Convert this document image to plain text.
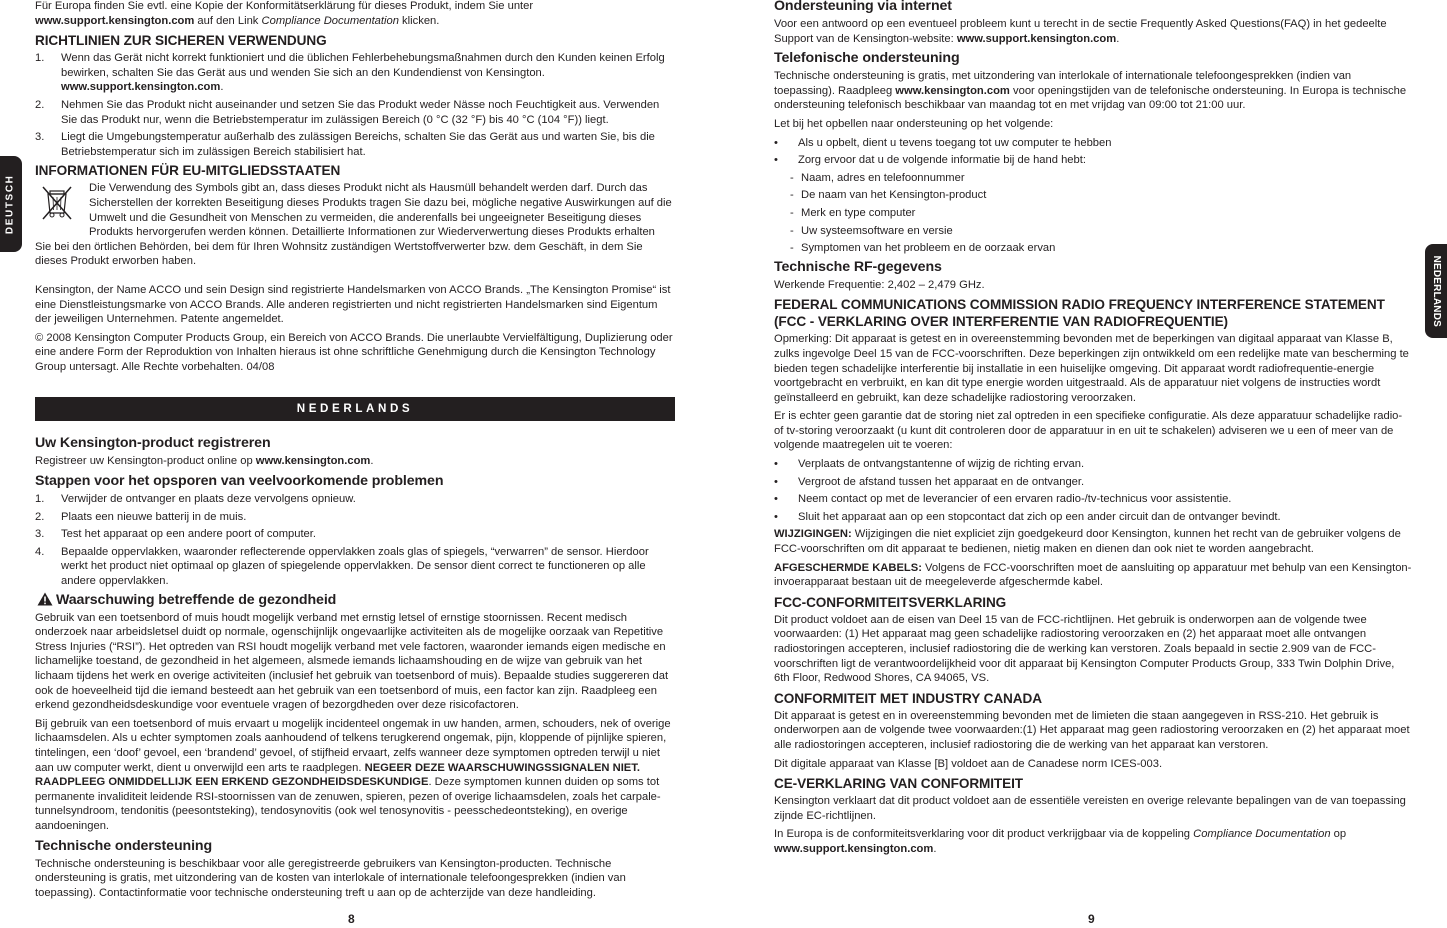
DEUTSCH
NEDERLANDS

Für Europa finden Sie evtl. eine Kopie der Konformitätserklärung für dieses Produkt, indem Sie unter
www.support.kensington.com auf den Link Compliance Documentation klicken.

RICHTLINIEN ZUR SICHEREN VERWENDUNG
1. Wenn das Gerät nicht korrekt funktioniert und die üblichen Fehlerbehebungsmaßnahmen durch den Kunden keinen Erfolg bewirken, schalten Sie das Gerät aus und wenden Sie sich an den Kundendienst von Kensington.
www.support.kensington.com.
2. Nehmen Sie das Produkt nicht auseinander und setzen Sie das Produkt weder Nässe noch Feuchtigkeit aus. Verwenden Sie das Produkt nur, wenn die Betriebstemperatur im zulässigen Bereich (0 °C (32 °F) bis 40 °C (104 °F)) liegt.
3. Liegt die Umgebungstemperatur außerhalb des zulässigen Bereichs, schalten Sie das Gerät aus und warten Sie, bis die Betriebstemperatur sich im zulässigen Bereich stabilisiert hat.
INFORMATIONEN FÜR EU-MITGLIEDSSTAATEN

Die Verwendung des Symbols gibt an, dass dieses Produkt nicht als Hausmüll behandelt werden darf. Durch das Sicherstellen der korrekten Beseitigung dieses Produkts tragen Sie dazu bei, mögliche negative Auswirkungen auf die Umwelt und die Gesundheit von Menschen zu vermeiden, die anderenfalls bei ungeeigneter Beseitigung dieses Produkts hervorgerufen werden können. Detaillierte Informationen zur Wiederverwertung dieses Produkts erhalten

Sie bei den örtlichen Behörden, bei dem für Ihren Wohnsitz zuständigen Wertstoffverwerter bzw. dem Geschäft, in dem Sie dieses Produkt erworben haben.

Kensington, der Name ACCO und sein Design sind registrierte Handelsmarken von ACCO Brands. „The Kensington Promise“ ist eine Dienstleistungsmarke von ACCO Brands. Alle anderen registrierten und nicht registrierten Handelsmarken sind Eigentum der jeweiligen Unternehmen. Patente angemeldet.

© 2008 Kensington Computer Products Group, ein Bereich von ACCO Brands. Die unerlaubte Vervielfältigung, Duplizierung oder eine andere Form der Reproduktion von Inhalten hieraus ist ohne schriftliche Genehmigung durch die Kensington Technology Group untersagt. Alle Rechte vorbehalten. 04/08

NEDERLANDS
Uw Kensington-product registreren

Registreer uw Kensington-product online op www.kensington.com.

Stappen voor het opsporen van veelvoorkomende problemen
1. Verwijder de ontvanger en plaats deze vervolgens opnieuw.
2. Plaats een nieuwe batterij in de muis.
3. Test het apparaat op een andere poort of computer.
4. Bepaalde oppervlakken, waaronder reflecterende oppervlakken zoals glas of spiegels, “verwarren” de sensor. Hierdoor werkt het product niet optimaal op glazen of spiegelende oppervlakken. De sensor dient correct te functioneren op alle andere oppervlakken.
Waarschuwing betreffende de gezondheid

Gebruik van een toetsenbord of muis houdt mogelijk verband met ernstig letsel of ernstige stoornissen. Recent medisch onderzoek naar arbeidsletsel duidt op normale, ogenschijnlijk ongevaarlijke activiteiten als de mogelijke oorzaak van Repetitive Stress Injuries (“RSI”). Het optreden van RSI houdt mogelijk verband met vele factoren, waaronder iemands eigen medische en lichamelijke toestand, de gezondheid in het algemeen, alsmede iemands lichaamshouding en de wijze van gebruik van het lichaam tijdens het werk en overige activiteiten (inclusief het gebruik van toetsenbord of muis). Bepaalde studies suggereren dat ook de hoeveelheid tijd die iemand besteedt aan het gebruik van een toetsenbord of muis, een factor kan zijn. Raadpleeg een erkend gezondheidsdeskundige voor eventuele vragen of bezorgdheden over deze risicofactoren.

Bij gebruik van een toetsenbord of muis ervaart u mogelijk incidenteel ongemak in uw handen, armen, schouders, nek of overige lichaamsdelen. Als u echter symptomen zoals aanhoudend of telkens terugkerend ongemak, pijn, kloppende of pijnlijke spieren, tintelingen, een ‘doof’ gevoel, een ‘brandend’ gevoel, of stijfheid ervaart, zelfs wanneer deze symptomen optreden terwijl u niet aan uw computer werkt, dient u onverwijld een arts te raadplegen. NEGEER DEZE WAARSCHUWINGSSIGNALEN NIET. RAADPLEEG ONMIDDELLIJK EEN ERKEND GEZONDHEIDSDESKUNDIGE. Deze symptomen kunnen duiden op soms tot permanente invaliditeit leidende RSI-stoornissen van de zenuwen, spieren, pezen of overige lichaamsdelen, zoals het carpale-tunnelsyndroom, tendonitis (peesontsteking), tendosynovitis (ook wel tenosynovitis - peesschedeontsteking), en overige aandoeningen.

Technische ondersteuning

Technische ondersteuning is beschikbaar voor alle geregistreerde gebruikers van Kensington-producten. Technische ondersteuning is gratis, met uitzondering van de kosten van interlokale of internationale telefoongesprekken (indien van toepassing). Contactinformatie voor technische ondersteuning treft u aan op de achterzijde van deze handleiding.

Ondersteuning via internet

Voor een antwoord op een eventueel probleem kunt u terecht in de sectie Frequently Asked Questions(FAQ) in het gedeelte Support van de Kensington-website: www.support.kensington.com.

Telefonische ondersteuning

Technische ondersteuning is gratis, met uitzondering van interlokale of internationale telefoongesprekken (indien van toepassing). Raadpleeg www.kensington.com voor openingstijden van de telefonische ondersteuning. In Europa is technische ondersteuning telefonisch beschikbaar van maandag tot en met vrijdag van 09:00 tot 21:00 uur.

Let bij het opbellen naar ondersteuning op het volgende:

• Als u opbelt, dient u tevens toegang tot uw computer te hebben
• Zorg ervoor dat u de volgende informatie bij de hand hebt:
- Naam, adres en telefoonnummer
- De naam van het Kensington-product
- Merk en type computer
- Uw systeemsoftware en versie
- Symptomen van het probleem en de oorzaak ervan
Technische RF-gegevens

Werkende Frequentie: 2,402 – 2,479 GHz.

FEDERAL COMMUNICATIONS COMMISSION RADIO FREQUENCY INTERFERENCE STATEMENT
(FCC - VERKLARING OVER INTERFERENTIE VAN RADIOFREQUENTIE)

Opmerking: Dit apparaat is getest en in overeenstemming bevonden met de beperkingen van digitaal apparaat van Klasse B, zulks ingevolge Deel 15 van de FCC-voorschriften. Deze beperkingen zijn ontwikkeld om een redelijke mate van bescherming te bieden tegen schadelijke interferentie bij installatie in een huiselijke omgeving. Dit apparaat wordt radiofrequentie-energie voortgebracht en verbruikt, en kan dit type energie worden uitgestraald. Als de apparatuur niet volgens de instructies wordt geïnstalleerd en gebruikt, kan deze schadelijke radiostoring veroorzaken.

Er is echter geen garantie dat de storing niet zal optreden in een specifieke configuratie. Als deze apparatuur schadelijke radio- of tv-storing veroorzaakt (u kunt dit controleren door de apparatuur in en uit te schakelen) adviseren we u een of meer van de volgende maatregelen uit te voeren:

• Verplaats de ontvangstantenne of wijzig de richting ervan.
• Vergroot de afstand tussen het apparaat en de ontvanger.
• Neem contact op met de leverancier of een ervaren radio-/tv-technicus voor assistentie.
• Sluit het apparaat aan op een stopcontact dat zich op een ander circuit dan de ontvanger bevindt.

WIJZIGINGEN: Wijzigingen die niet expliciet zijn goedgekeurd door Kensington, kunnen het recht van de gebruiker volgens de FCC-voorschriften om dit apparaat te bedienen, nietig maken en dienen dan ook niet te worden aangebracht.

AFGESCHERMDE KABELS: Volgens de FCC-voorschriften moet de aansluiting op apparatuur met behulp van een Kensington-invoerapparaat bestaan uit de meegeleverde afgeschermde kabel.

FCC-CONFORMITEITSVERKLARING

Dit product voldoet aan de eisen van Deel 15 van de FCC-richtlijnen. Het gebruik is onderworpen aan de volgende twee voorwaarden: (1) Het apparaat mag geen schadelijke radiostoring veroorzaken en (2) het apparaat moet alle ontvangen radiostoringen accepteren, inclusief radiostoring die de werking kan verstoren. Zoals bepaald in sectie 2.909 van de FCC-voorschriften ligt de verantwoordelijkheid voor dit apparaat bij Kensington Computer Products Group, 333 Twin Dolphin Drive, 6th Floor, Redwood Shores, CA 94065, VS.

CONFORMITEIT MET INDUSTRY CANADA

Dit apparaat is getest en in overeenstemming bevonden met de limieten die staan aangegeven in RSS-210. Het gebruik is onderworpen aan de volgende twee voorwaarden:(1) Het apparaat mag geen radiostoring veroorzaken en (2) het apparaat moet alle radiostoringen accepteren, inclusief radiostoring die de werking van het apparaat kan verstoren.

Dit digitale apparaat van Klasse [B] voldoet aan de Canadese norm ICES-003.

CE-VERKLARING VAN CONFORMITEIT

Kensington verklaart dat dit product voldoet aan de essentiële vereisten en overige relevante bepalingen van de van toepassing zijnde EC-richtlijnen.

In Europa is de conformiteitsverklaring voor dit product verkrijgbaar via de koppeling Compliance Documentation op
www.support.kensington.com.

8	9
